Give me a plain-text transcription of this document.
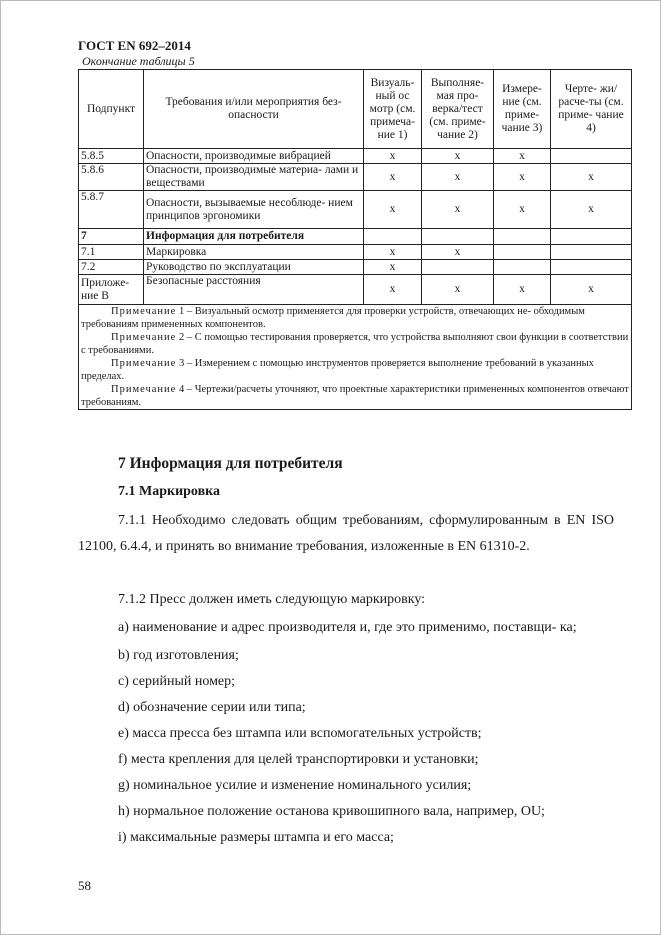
ГОСТ EN 692–2014
Окончание таблицы 5
Подпункт	Требования и/или мероприятия без- опасности	Визуаль- ный ос мотр (см. примеча- ние 1)	Выполняе- мая про- верка/тест (см. приме- чание 2)	Измере- ние (см. приме- чание 3)	Черте- жи/расче-ты (см. приме- чание 4)
5.8.5	Опасности, производимые вибрацией	x	x	x	
5.8.6	Опасности, производимые материа- лами и веществами	x	x	x	x
5.8.7	Опасности, вызываемые несоблюде- нием принципов эргономики	x	x	x	x
7	Информация для потребителя				
7.1	Маркировка	x	x		
7.2	Руководство по эксплуатации	x			
Приложе- ние B	Безопасные расстояния	x	x	x	x

Примечание 1 – Визуальный осмотр применяется для проверки устройств, отвечающих не- обходимым требованиям примененных компонентов.

Примечание 2 – С помощью тестирования проверяется, что устройства выполняют свои функции в соответствии с требованиями.

Примечание 3 – Измерением с помощью инструментов проверяется выполнение требований в указанных пределах.

Примечание 4 – Чертежи/расчеты уточняют, что проектные характеристики примененных компонентов отвечают требованиям.					

7 Информация для потребителя
7.1 Маркировка

7.1.1 Необходимо следовать общим требованиям, сформулированным в EN ISO 12100, 6.4.4, и принять во внимание требования, изложенные в EN 61310-2.

7.1.2 Пресс должен иметь следующую маркировку:

a) наименование и адрес производителя и, где это применимо, поставщи- ка;

b) год изготовления;

c) серийный номер;

d) обозначение серии или типа;

e) масса пресса без штампа или вспомогательных устройств;

f) места крепления для целей транспортировки и установки;

g) номинальное усилие и изменение номинального усилия;

h) нормальное положение останова кривошипного вала, например, OU;

i) максимальные размеры штампа и его масса;

58
